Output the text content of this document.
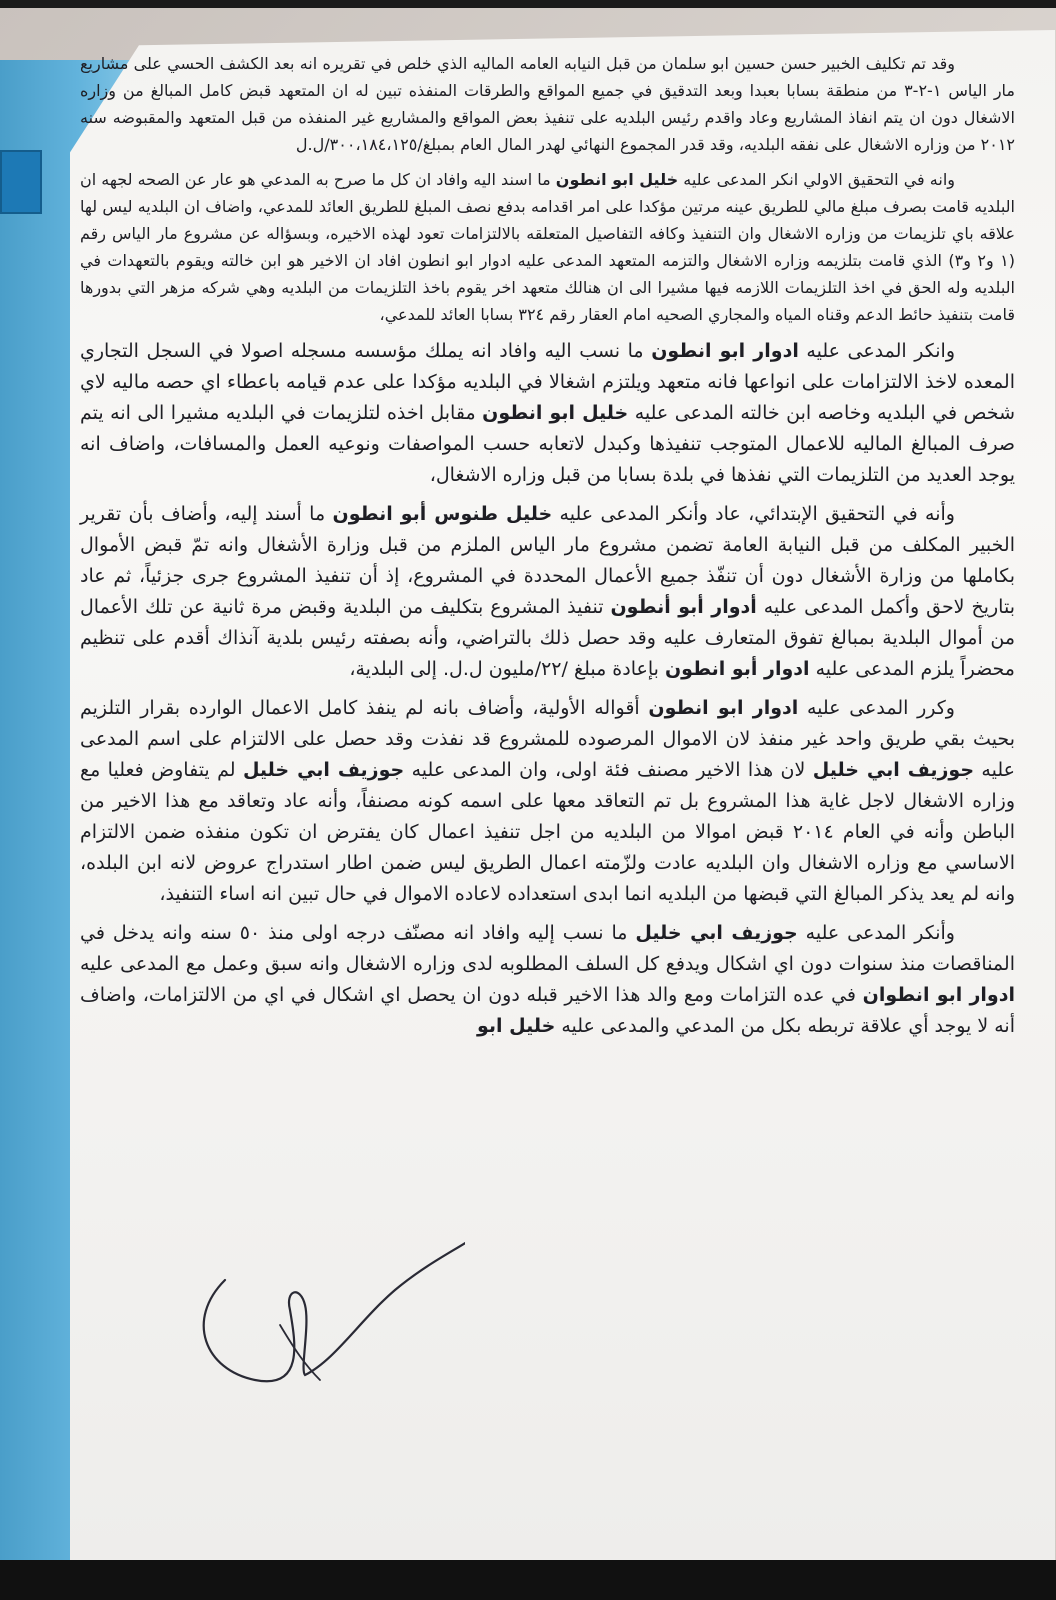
وقد تم تكليف الخبير حسن حسين ابو سلمان من قبل النيابه العامه الماليه الذي خلص في تقريره انه بعد الكشف الحسي على مشاريع مار الياس ١-٢-٣ من منطقة بسابا بعبدا وبعد التدقيق في جميع المواقع والطرقات المنفذه تبين له ان المتعهد قبض كامل المبالغ من وزاره الاشغال دون ان يتم انفاذ المشاريع وعاد واقدم رئيس البلديه على تنفيذ بعض المواقع والمشاريع غير المنفذه من قبل المتعهد والمقبوضه سنه ٢٠١٢ من وزاره الاشغال على نفقه البلديه، وقد قدر المجموع النهائي لهدر المال العام بمبلغ/٣٠٠،١٨٤،١٢٥/ل.ل

وانه في التحقيق الاولي انكر المدعى عليه خليل ابو انطون ما اسند اليه وافاد ان كل ما صرح به المدعي هو عار عن الصحه لجهه ان البلديه قامت بصرف مبلغ مالي للطريق عينه مرتين مؤكدا على امر اقدامه بدفع نصف المبلغ للطريق العائد للمدعي، واضاف ان البلديه ليس لها علاقه باي تلزيمات من وزاره الاشغال وان التنفيذ وكافه التفاصيل المتعلقه بالالتزامات تعود لهذه الاخيره، وبسؤاله عن مشروع مار الياس رقم (١ و٢ و٣) الذي قامت بتلزيمه وزاره الاشغال والتزمه المتعهد المدعى عليه ادوار ابو انطون افاد ان الاخير هو ابن خالته ويقوم بالتعهدات في البلديه وله الحق في اخذ التلزيمات اللازمه فيها مشيرا الى ان هنالك متعهد اخر يقوم باخذ التلزيمات من البلديه وهي شركه مزهر التي بدورها قامت بتنفيذ حائط الدعم وقناه المياه والمجاري الصحيه امام العقار رقم ٣٢٤ بسابا العائد للمدعي،

وانكر المدعى عليه ادوار ابو انطون ما نسب اليه وافاد انه يملك مؤسسه مسجله اصولا في السجل التجاري المعده لاخذ الالتزامات على انواعها فانه متعهد ويلتزم اشغالا في البلديه مؤكدا على عدم قيامه باعطاء اي حصه ماليه لاي شخص في البلديه وخاصه ابن خالته المدعى عليه خليل ابو انطون مقابل اخذه لتلزيمات في البلديه مشيرا الى انه يتم صرف المبالغ الماليه للاعمال المتوجب تنفيذها وكبدل لاتعابه حسب المواصفات ونوعيه العمل والمسافات، واضاف انه يوجد العديد من التلزيمات التي نفذها في بلدة بسابا من قبل وزاره الاشغال،

وأنه في التحقيق الإبتدائي، عاد وأنكر المدعى عليه خليل طنوس أبو انطون ما أسند إليه، وأضاف بأن تقرير الخبير المكلف من قبل النيابة العامة تضمن مشروع مار الياس الملزم من قبل وزارة الأشغال وانه تمّ قبض الأموال بكاملها من وزارة الأشغال دون أن تنفّذ جميع الأعمال المحددة في المشروع، إذ أن تنفيذ المشروع جرى جزئياً، ثم عاد بتاريخ لاحق وأكمل المدعى عليه أدوار أبو أنطون تنفيذ المشروع بتكليف من البلدية وقبض مرة ثانية عن تلك الأعمال من أموال البلدية بمبالغ تفوق المتعارف عليه وقد حصل ذلك بالتراضي، وأنه بصفته رئيس بلدية آنذاك أقدم على تنظيم محضراً يلزم المدعى عليه ادوار أبو انطون بإعادة مبلغ /٢٢/مليون ل.ل. إلى البلدية،

وكرر المدعى عليه ادوار ابو انطون أقواله الأولية، وأضاف بانه لم ينفذ كامل الاعمال الوارده بقرار التلزيم بحيث بقي طريق واحد غير منفذ لان الاموال المرصوده للمشروع قد نفذت وقد حصل على الالتزام على اسم المدعى عليه جوزيف ابي خليل لان هذا الاخير مصنف فئة اولى، وان المدعى عليه جوزيف ابي خليل لم يتفاوض فعليا مع وزاره الاشغال لاجل غاية هذا المشروع بل تم التعاقد معها على اسمه كونه مصنفاً، وأنه عاد وتعاقد مع هذا الاخير من الباطن وأنه في العام ٢٠١٤ قبض اموالا من البلديه من اجل تنفيذ اعمال كان يفترض ان تكون منفذه ضمن الالتزام الاساسي مع وزاره الاشغال وان البلديه عادت ولزّمته اعمال الطريق ليس ضمن اطار استدراج عروض لانه ابن البلده، وانه لم يعد يذكر المبالغ التي قبضها من البلديه انما ابدى استعداده لاعاده الاموال في حال تبين انه اساء التنفيذ،

وأنكر المدعى عليه جوزيف ابي خليل ما نسب إليه وافاد انه مصنّف درجه اولى منذ ٥٠ سنه وانه يدخل في المناقصات منذ سنوات دون اي اشكال ويدفع كل السلف المطلوبه لدى وزاره الاشغال وانه سبق وعمل مع المدعى عليه ادوار ابو انطوان في عده التزامات ومع والد هذا الاخير قبله دون ان يحصل اي اشكال في اي من الالتزامات، واضاف أنه لا يوجد أي علاقة تربطه بكل من المدعي والمدعى عليه خليل ابو
